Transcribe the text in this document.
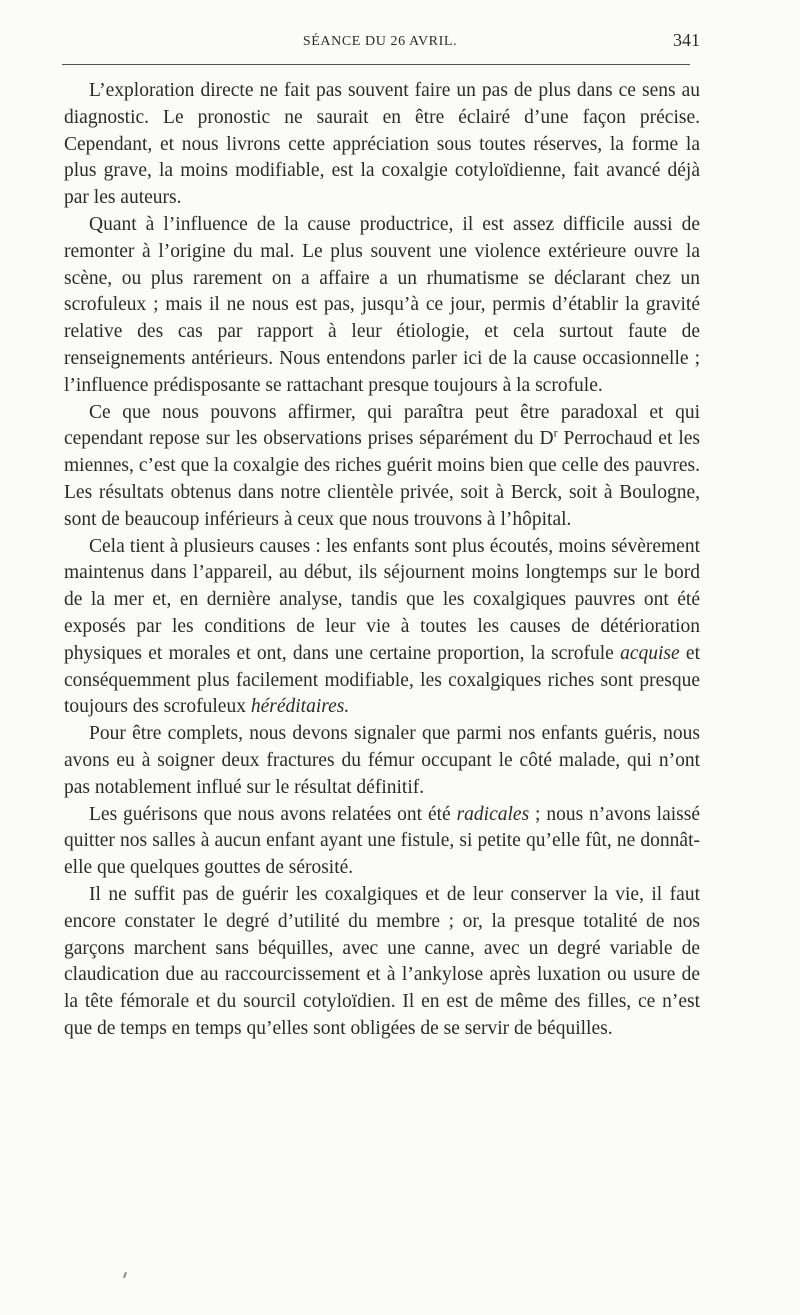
SÉANCE DU 26 AVRIL.	341

L’exploration directe ne fait pas souvent faire un pas de plus dans ce sens au diagnostic. Le pronostic ne saurait en être éclairé d’une façon précise. Cependant, et nous livrons cette appréciation sous toutes réserves, la forme la plus grave, la moins modifiable, est la coxalgie cotyloïdienne, fait avancé déjà par les auteurs.

Quant à l’influence de la cause productrice, il est assez difficile aussi de remonter à l’origine du mal. Le plus souvent une violence extérieure ouvre la scène, ou plus rarement on a affaire a un rhumatisme se déclarant chez un scrofuleux ; mais il ne nous est pas, jusqu’à ce jour, permis d’établir la gravité relative des cas par rapport à leur étiologie, et cela surtout faute de renseignements antérieurs. Nous entendons parler ici de la cause occasionnelle ; l’influence prédisposante se rattachant presque toujours à la scrofule.

Ce que nous pouvons affirmer, qui paraîtra peut être paradoxal et qui cependant repose sur les observations prises séparément du $D^r$ Perrochaud et les miennes, c’est que la coxalgie des riches guérit moins bien que celle des pauvres. Les résultats obtenus dans notre clientèle privée, soit à Berck, soit à Boulogne, sont de beaucoup inférieurs à ceux que nous trouvons à l’hôpital.

Cela tient à plusieurs causes : les enfants sont plus écoutés, moins sévèrement maintenus dans l’appareil, au début, ils séjournent moins longtemps sur le bord de la mer et, en dernière analyse, tandis que les coxalgiques pauvres ont été exposés par les conditions de leur vie à toutes les causes de détérioration physiques et morales et ont, dans une certaine proportion, la scrofule acquise et conséquemment plus facilement modifiable, les coxalgiques riches sont presque toujours des scrofuleux héréditaires.

Pour être complets, nous devons signaler que parmi nos enfants guéris, nous avons eu à soigner deux fractures du fémur occupant le côté malade, qui n’ont pas notablement influé sur le résultat définitif.

Les guérisons que nous avons relatées ont été radicales ; nous n’avons laissé quitter nos salles à aucun enfant ayant une fistule, si petite qu’elle fût, ne donnât-elle que quelques gouttes de sérosité.

Il ne suffit pas de guérir les coxalgiques et de leur conserver la vie, il faut encore constater le degré d’utilité du membre ; or, la presque totalité de nos garçons marchent sans béquilles, avec une canne, avec un degré variable de claudication due au raccourcissement et à l’ankylose après luxation ou usure de la tête fémorale et du sourcil cotyloïdien. Il en est de même des filles, ce n’est que de temps en temps qu’elles sont obligées de se servir de béquilles.
